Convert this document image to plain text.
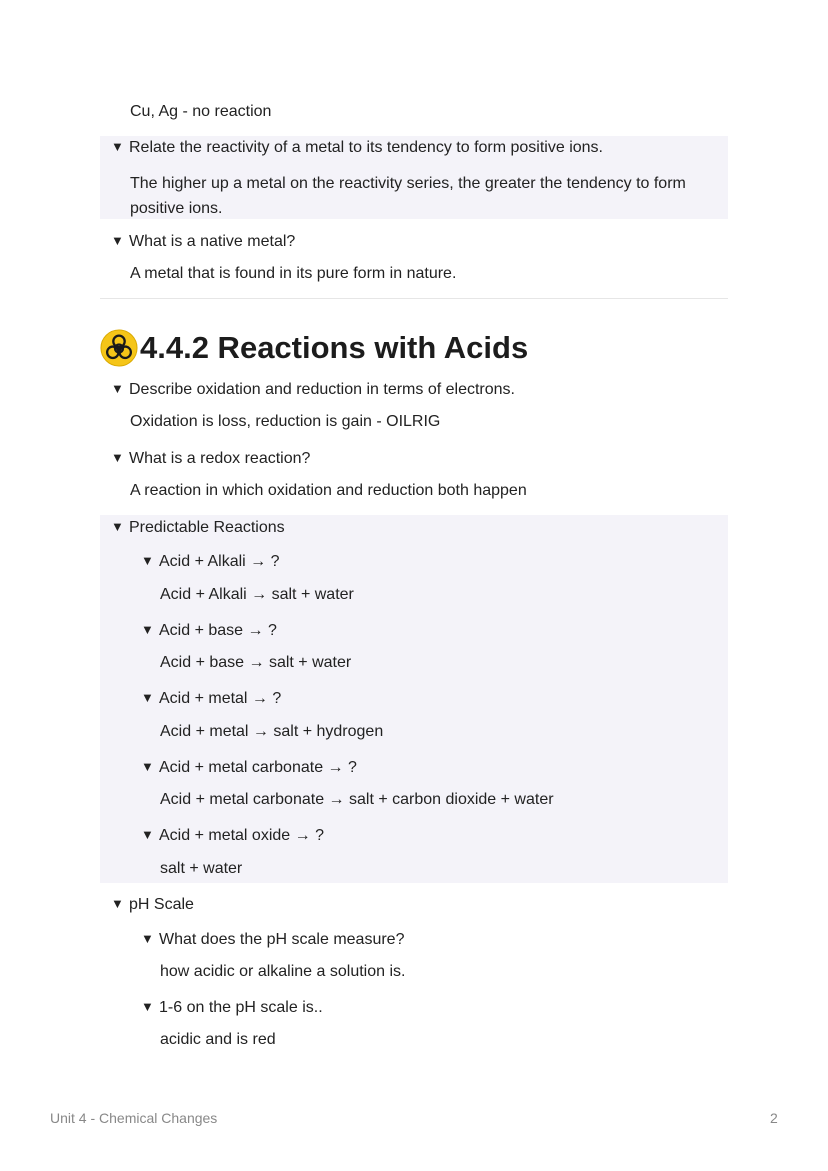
Cu, Ag - no reaction
▼ Relate the reactivity of a metal to its tendency to form positive ions.
The higher up a metal on the reactivity series, the greater the tendency to form positive ions.
▼ What is a native metal?
A metal that is found in its pure form in nature.
4.4.2 Reactions with Acids
▼ Describe oxidation and reduction in terms of electrons.
Oxidation is loss, reduction is gain - OILRIG
▼ What is a redox reaction?
A reaction in which oxidation and reduction both happen
▼ Predictable Reactions
▼ Acid + Alkali → ?
Acid + Alkali → salt + water
▼ Acid + base → ?
Acid + base → salt + water
▼ Acid + metal → ?
Acid + metal → salt + hydrogen
▼ Acid + metal carbonate → ?
Acid + metal carbonate → salt + carbon dioxide + water
▼ Acid + metal oxide → ?
salt + water
▼ pH Scale
▼ What does the pH scale measure?
how acidic or alkaline a solution is.
▼ 1-6 on the pH scale is..
acidic and is red
Unit 4 - Chemical Changes	2
